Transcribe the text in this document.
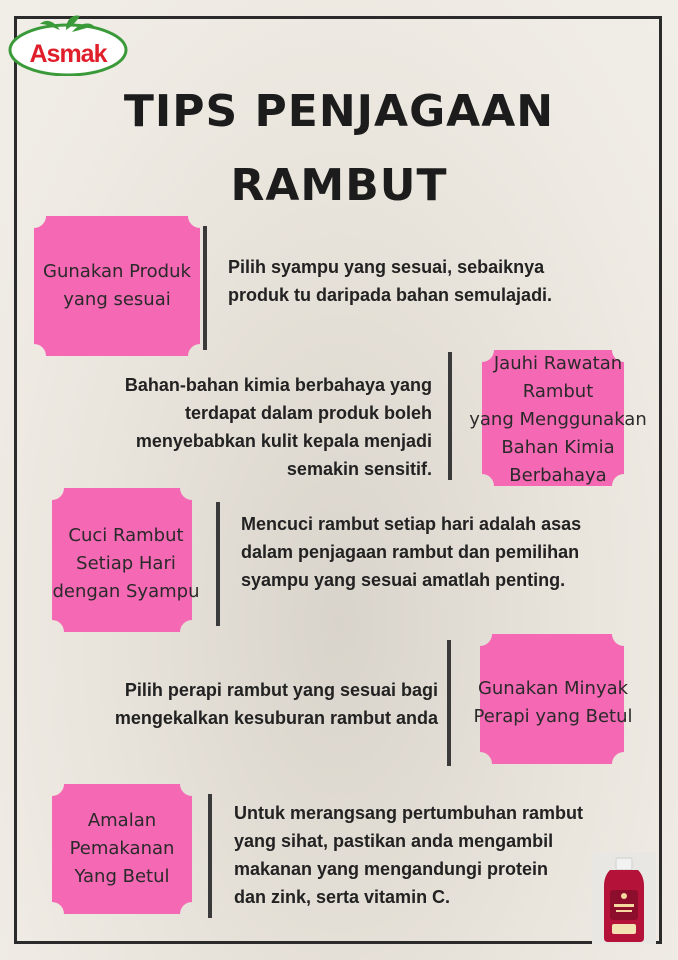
Asmak
TIPS PENJAGAAN
RAMBUT
Gunakan Produk
yang sesuai
Pilih syampu yang sesuai, sebaiknya
produk tu daripada bahan semulajadi.
Bahan-bahan kimia berbahaya yang
terdapat dalam produk boleh
menyebabkan kulit kepala menjadi
semakin sensitif.
Jauhi Rawatan
Rambut
yang Menggunakan
Bahan Kimia
Berbahaya
Cuci Rambut
Setiap Hari
dengan Syampu
Mencuci rambut setiap hari adalah asas
dalam penjagaan rambut dan pemilihan
syampu yang sesuai amatlah penting.
Pilih perapi rambut yang sesuai bagi
mengekalkan kesuburan rambut anda
Gunakan Minyak
Perapi yang Betul
Amalan
Pemakanan
Yang Betul
Untuk merangsang pertumbuhan rambut
yang sihat, pastikan anda mengambil
makanan yang mengandungi protein
dan zink, serta vitamin C.
